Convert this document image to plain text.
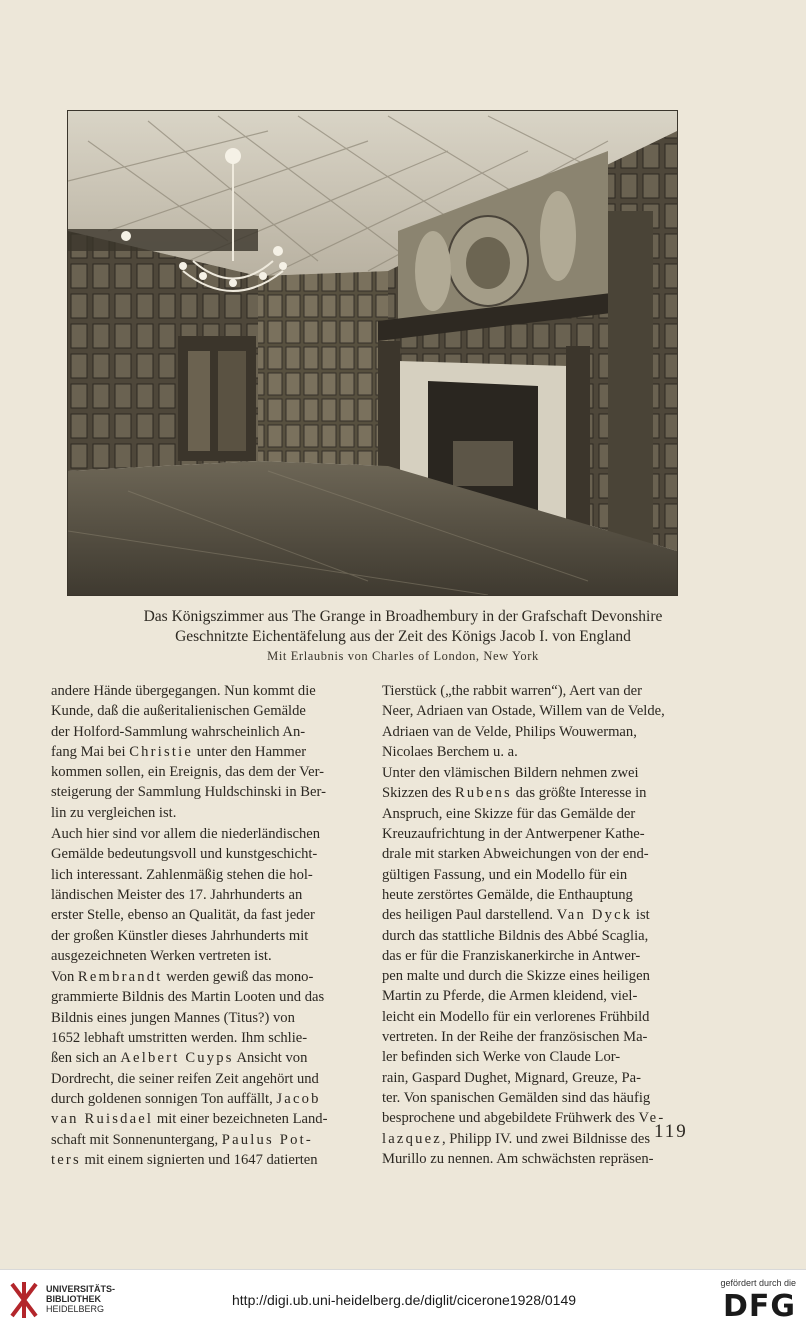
Das Königszimmer aus The Grange in Broadhembury in der Grafschaft Devonshire
Geschnitzte Eichentäfelung aus der Zeit des Königs Jacob I. von England
Mit Erlaubnis von Charles of London, New York

andere Hände übergegangen. Nun kommt die
Kunde, daß die außeritalienischen Gemälde
der Holford-Sammlung wahrscheinlich An-
fang Mai bei Christie unter den Hammer
kommen sollen, ein Ereignis, das dem der Ver-
steigerung der Sammlung Huldschinski in Ber-
lin zu vergleichen ist.

Auch hier sind vor allem die niederländischen
Gemälde bedeutungsvoll und kunstgeschicht-
lich interessant. Zahlenmäßig stehen die hol-
ländischen Meister des 17. Jahrhunderts an
erster Stelle, ebenso an Qualität, da fast jeder
der großen Künstler dieses Jahrhunderts mit
ausgezeichneten Werken vertreten ist.

Von Rembrandt werden gewiß das mono-
grammierte Bildnis des Martin Looten und das
Bildnis eines jungen Mannes (Titus?) von
1652 lebhaft umstritten werden. Ihm schlie-
ßen sich an Aelbert Cuyps Ansicht von
Dordrecht, die seiner reifen Zeit angehört und
durch goldenen sonnigen Ton auffällt, Jacob
van Ruisdael mit einer bezeichneten Land-
schaft mit Sonnenuntergang, Paulus Pot-
ters mit einem signierten und 1647 datierten

Tierstück („the rabbit warren“), Aert van der
Neer, Adriaen van Ostade, Willem van de Velde,
Adriaen van de Velde, Philips Wouwerman,
Nicolaes Berchem u. a.

Unter den vlämischen Bildern nehmen zwei
Skizzen des Rubens das größte Interesse in
Anspruch, eine Skizze für das Gemälde der
Kreuzaufrichtung in der Antwerpener Kathe-
drale mit starken Abweichungen von der end-
gültigen Fassung, und ein Modello für ein
heute zerstörtes Gemälde, die Enthauptung
des heiligen Paul darstellend. Van Dyck ist
durch das stattliche Bildnis des Abbé Scaglia,
das er für die Franziskanerkirche in Antwer-
pen malte und durch die Skizze eines heiligen
Martin zu Pferde, die Armen kleidend, viel-
leicht ein Modello für ein verlorenes Frühbild
vertreten. In der Reihe der französischen Ma-
ler befinden sich Werke von Claude Lor-
rain, Gaspard Dughet, Mignard, Greuze, Pa-
ter. Von spanischen Gemälden sind das häufig
besprochene und abgebildete Frühwerk des Ve-
lazquez, Philipp IV. und zwei Bildnisse des
Murillo zu nennen. Am schwächsten repräsen-

119
UNIVERSITÄTS-
BIBLIOTHEK
HEIDELBERG
http://digi.ub.uni-heidelberg.de/diglit/cicerone1928/0149
gefördert durch die
DFG
